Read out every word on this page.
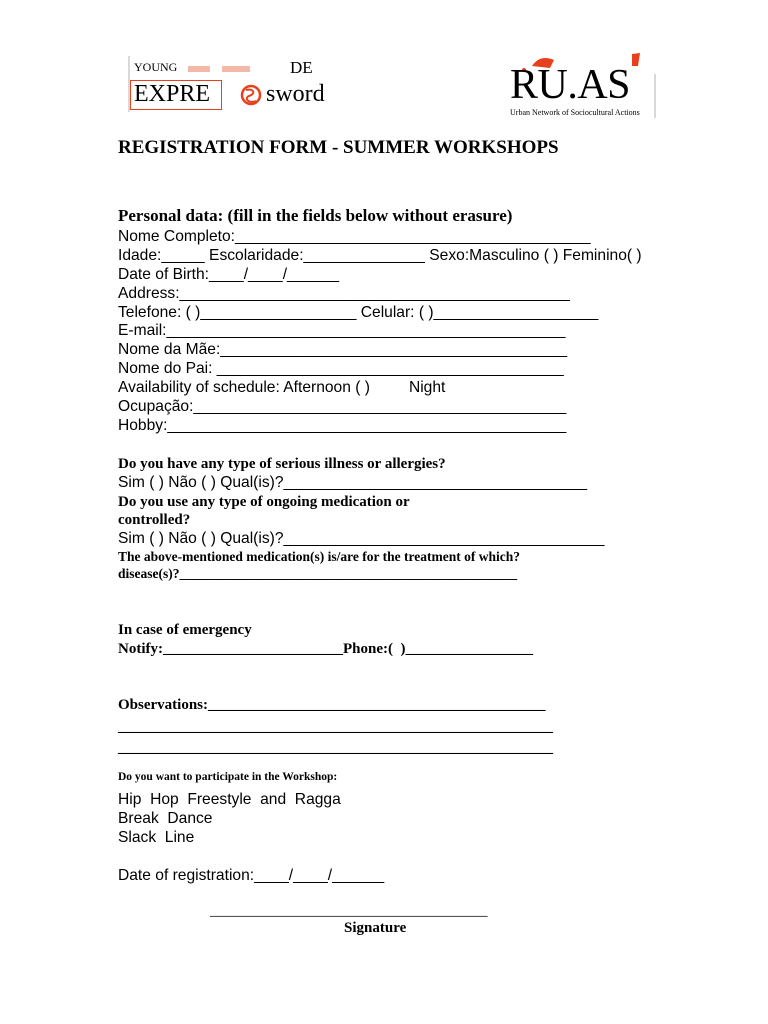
YOUNG	DE
EXPRE sword	RU.AS
Urban Network of Sociocultural Actions
REGISTRATION FORM - SUMMER WORKSHOPS
Personal data: (fill in the fields below without erasure)
Nome Completo:_________________________________________
Idade:_____ Escolaridade:______________ Sexo:Masculino ( ) Feminino( )
Date of Birth:____/____/______
Address:_____________________________________________
Telefone: ( )__________________ Celular: ( )___________________
E-mail:______________________________________________
Nome da Mãe:________________________________________
Nome do Pai: ________________________________________
Availability of schedule: Afternoon ( )         Night
Ocupação:___________________________________________
Hobby:______________________________________________
Do you have any type of serious illness or allergies?
Sim ( ) Não ( ) Qual(is)?___________________________________
Do you use any type of ongoing medication or
controlled?
Sim ( ) Não ( ) Qual(is)?_____________________________________
The above-mentioned medication(s) is/are for the treatment of which?
disease(s)?__________________________________________________
In case of emergency
Notify:________________________Phone:(  )_________________
Observations:_____________________________________________
__________________________________________________________
__________________________________________________________
Do you want to participate in the Workshop:
Hip  Hop  Freestyle  and  Ragga
Break  Dance
Slack  Line
Date of registration:____/____/______
_____________________________________
Signature
